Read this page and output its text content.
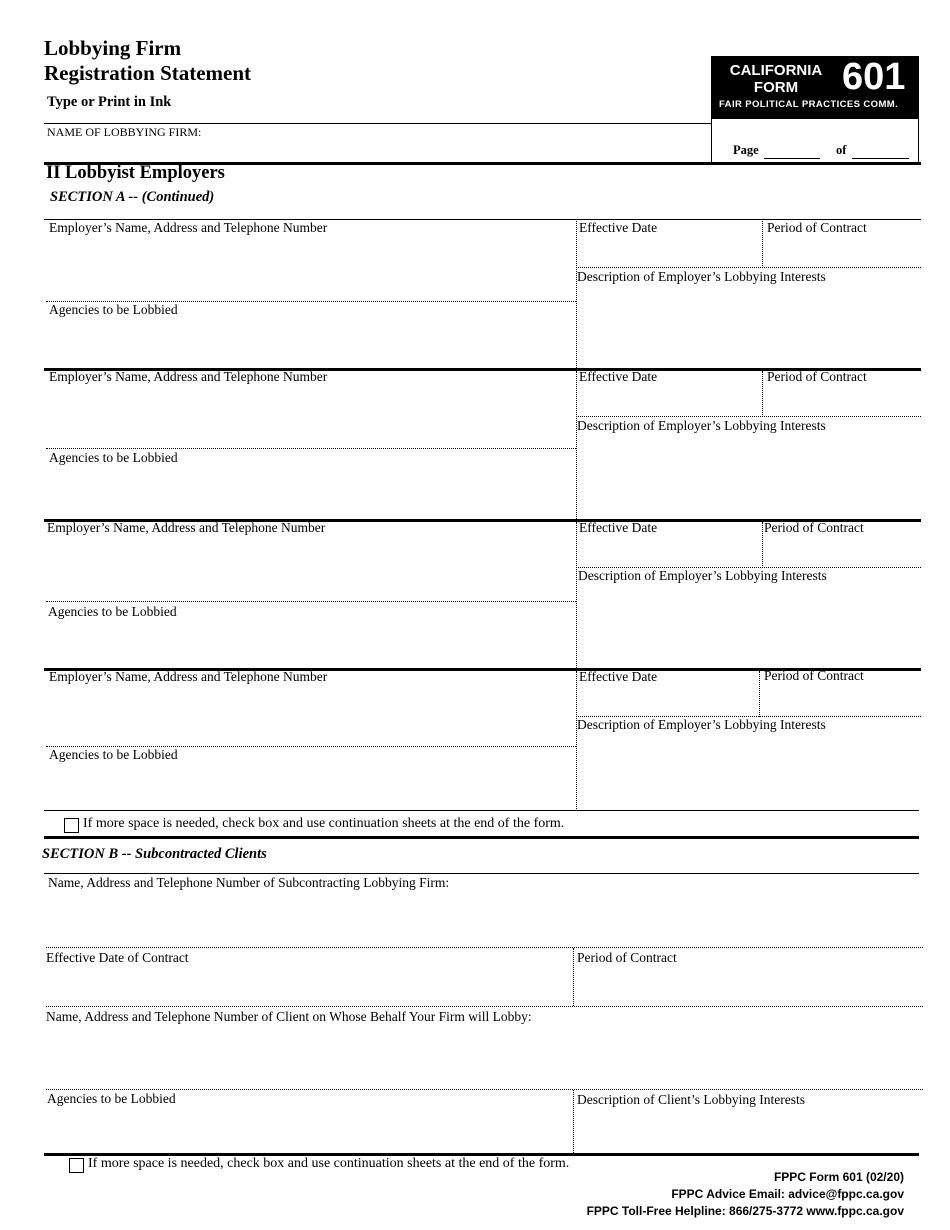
Lobbying Firm
Registration Statement
Type or Print in Ink
NAME OF LOBBYING FIRM:
CALIFORNIA
FORM	601
FAIR POLITICAL PRACTICES COMM.
Page	of
II Lobbyist Employers
SECTION A -- (Continued)
Employer’s Name, Address and Telephone Number	Effective Date	Period of Contract
Description of Employer’s Lobbying Interests
Agencies to be Lobbied
Employer’s Name, Address and Telephone Number	Effective Date	Period of Contract
Description of Employer’s Lobbying Interests
Agencies to be Lobbied
Employer’s Name, Address and Telephone Number	Effective Date	Period of Contract
Description of Employer’s Lobbying Interests
Agencies to be Lobbied
Employer’s Name, Address and Telephone Number	Effective Date	Period of Contract
Description of Employer’s Lobbying Interests
Agencies to be Lobbied
If more space is needed, check box and use continuation sheets at the end of the form.
SECTION B -- Subcontracted Clients
Name, Address and Telephone Number of Subcontracting Lobbying Firm:
Effective Date of Contract	Period of Contract
Name, Address and Telephone Number of Client on Whose Behalf Your Firm will Lobby:
Agencies to be Lobbied	Description of Client’s Lobbying Interests
If more space is needed, check box and use continuation sheets at the end of the form.
FPPC Form 601 (02/20)
FPPC Advice Email: advice@fppc.ca.gov
FPPC Toll-Free Helpline: 866/275-3772 www.fppc.ca.gov
